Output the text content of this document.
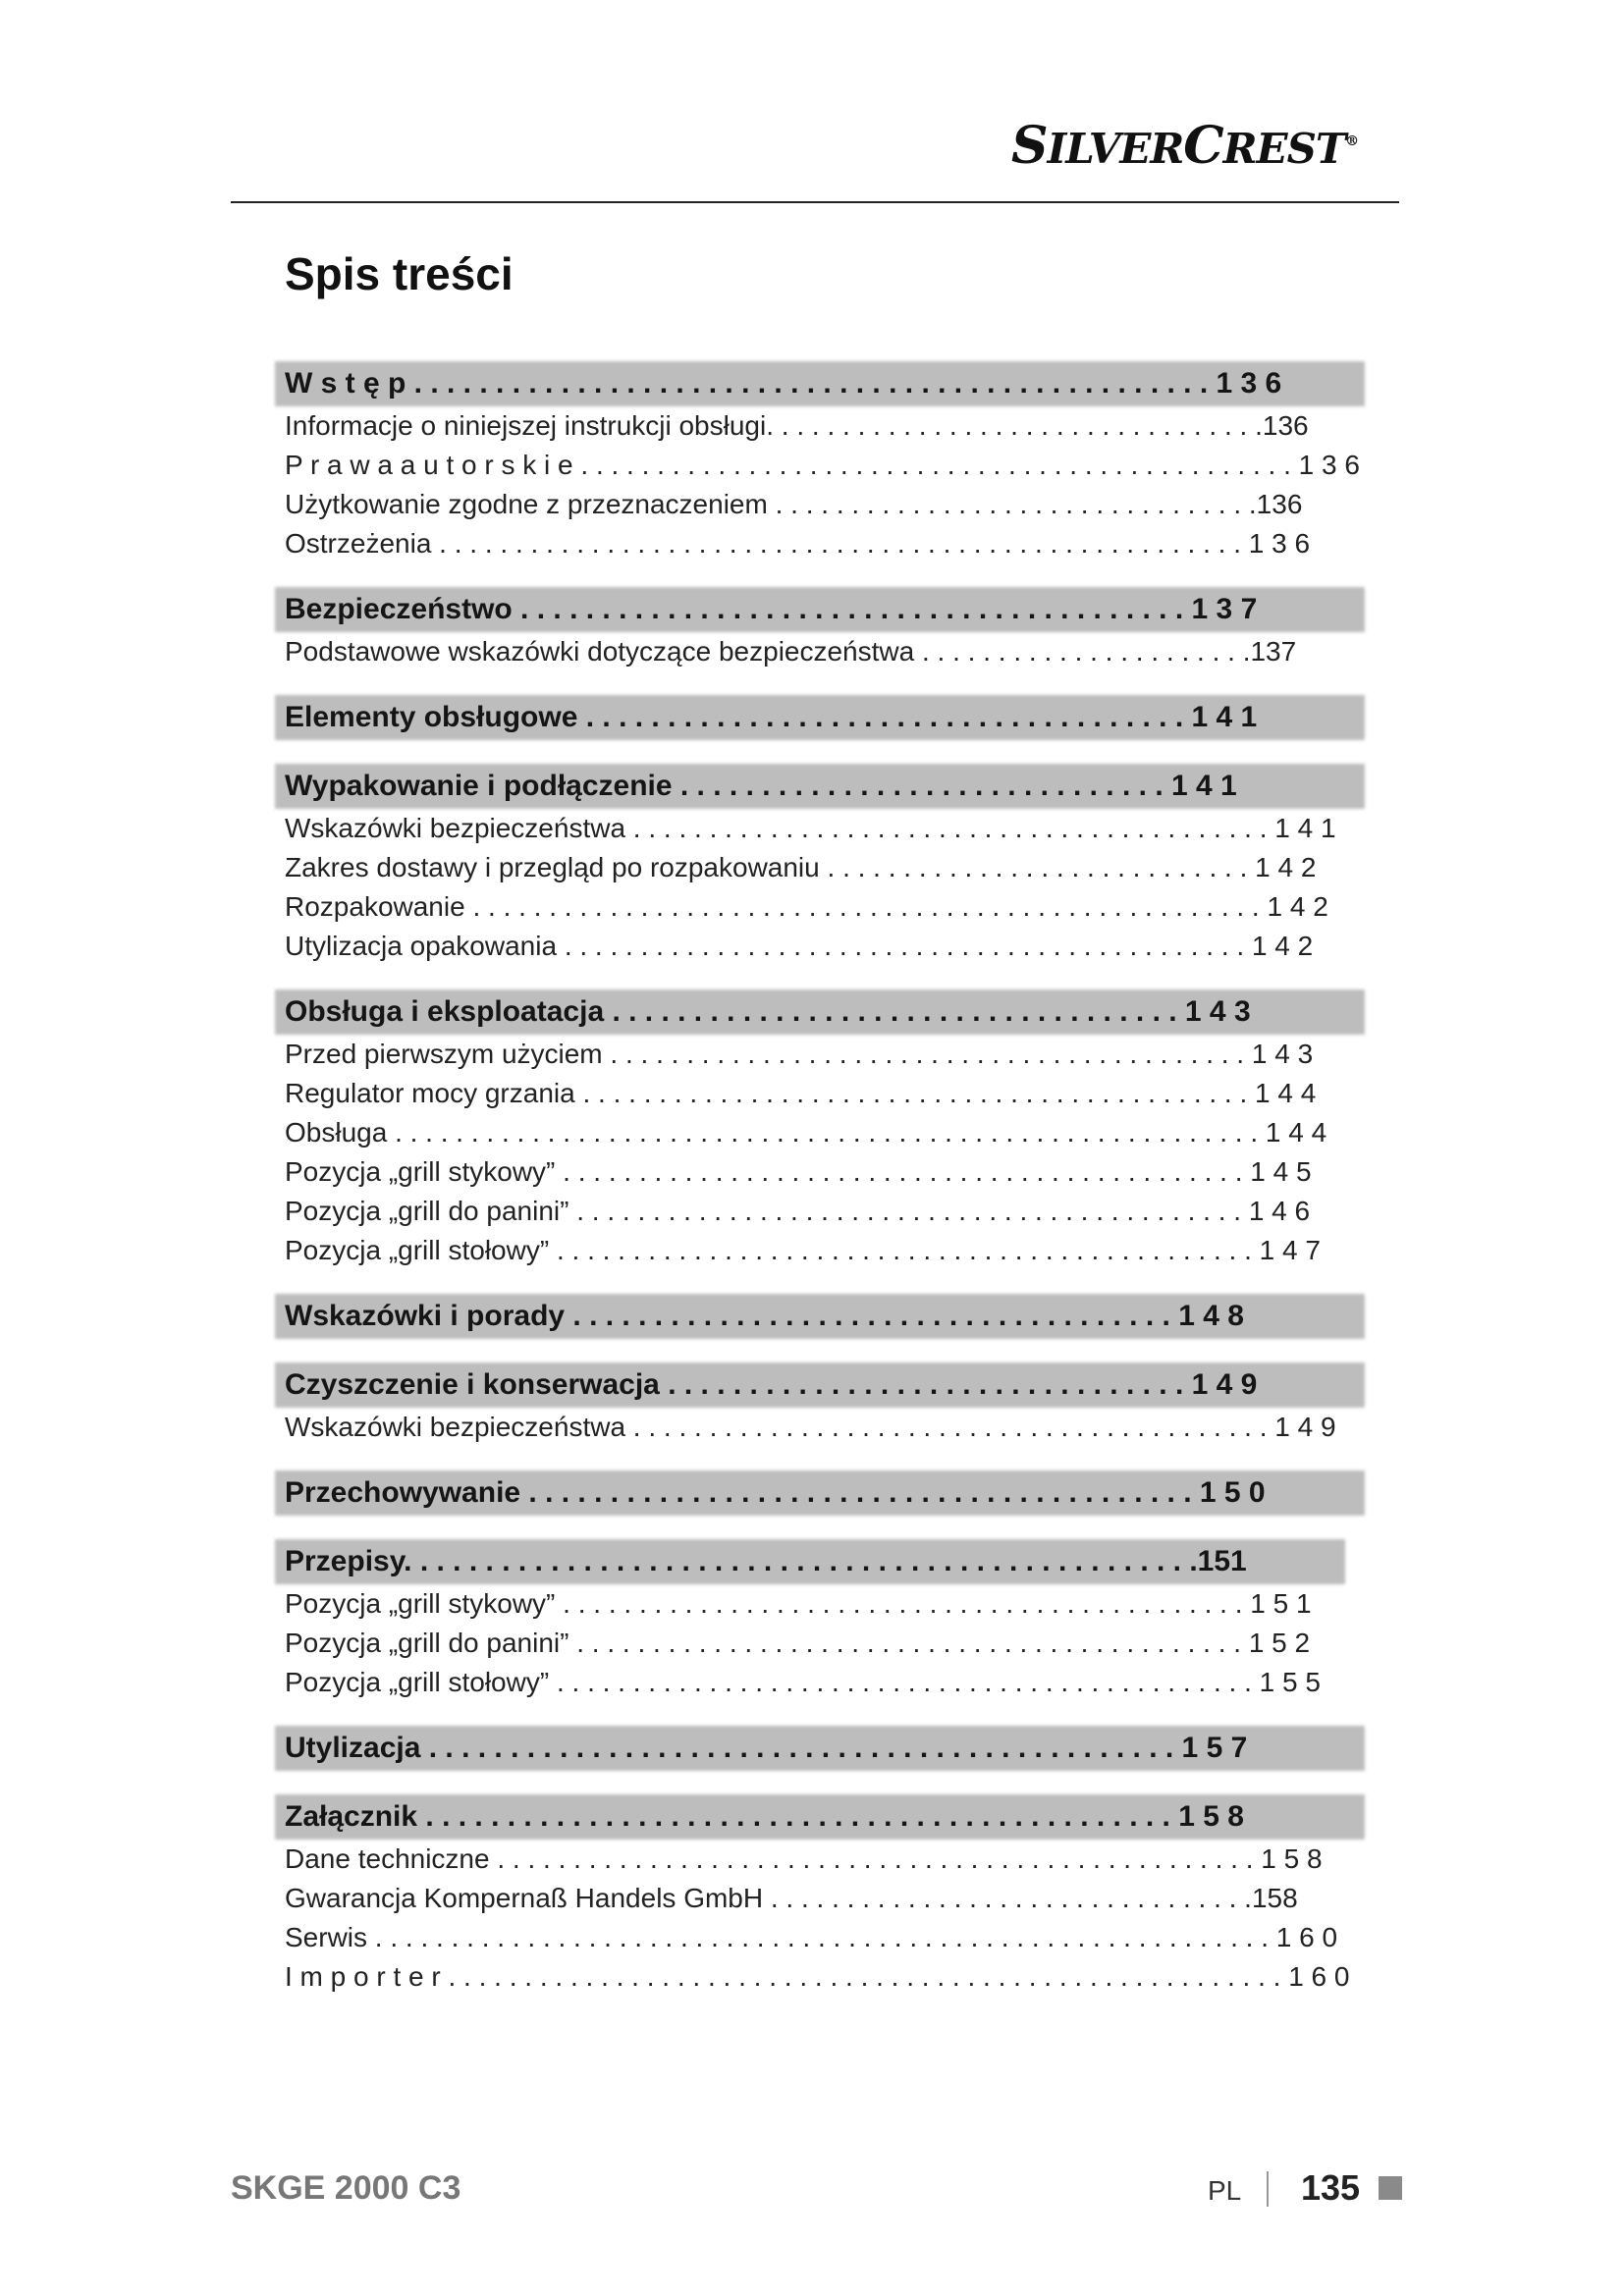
SILVERCREST®
Spis treści
W s t ę p . . . . . . . . . . . . . . . . . . . . . . . . . . . . . . . . . . . . . . . . . . . . . . . . . 1 3 6
Informacje o niniejszej instrukcji obsługi. . . . . . . . . . . . . . . . . . . . . . . . . . . . . . . . .136
P r a w a a u t o r s k i e . . . . . . . . . . . . . . . . . . . . . . . . . . . . . . . . . . . . . . . . . . . . . . . 1 3 6
Użytkowanie zgodne z przeznaczeniem . . . . . . . . . . . . . . . . . . . . . . . . . . . . . . . .136
Ostrzeżenia . . . . . . . . . . . . . . . . . . . . . . . . . . . . . . . . . . . . . . . . . . . . . . . . . . . . . 1 3 6
Bezpieczeństwo . . . . . . . . . . . . . . . . . . . . . . . . . . . . . . . . . . . . . . . . . 1 3 7
Podstawowe wskazówki dotyczące bezpieczeństwa . . . . . . . . . . . . . . . . . . . . . .137
Elementy obsługowe . . . . . . . . . . . . . . . . . . . . . . . . . . . . . . . . . . . . . 1 4 1
Wypakowanie i podłączenie . . . . . . . . . . . . . . . . . . . . . . . . . . . . . . 1 4 1
Wskazówki bezpieczeństwa . . . . . . . . . . . . . . . . . . . . . . . . . . . . . . . . . . . . . . . . . . 1 4 1
Zakres dostawy i przegląd po rozpakowaniu . . . . . . . . . . . . . . . . . . . . . . . . . . . . 1 4 2
Rozpakowanie . . . . . . . . . . . . . . . . . . . . . . . . . . . . . . . . . . . . . . . . . . . . . . . . . . . . 1 4 2
Utylizacja opakowania . . . . . . . . . . . . . . . . . . . . . . . . . . . . . . . . . . . . . . . . . . . . . 1 4 2
Obsługa i eksploatacja . . . . . . . . . . . . . . . . . . . . . . . . . . . . . . . . . . . 1 4 3
Przed pierwszym użyciem . . . . . . . . . . . . . . . . . . . . . . . . . . . . . . . . . . . . . . . . . . 1 4 3
Regulator mocy grzania . . . . . . . . . . . . . . . . . . . . . . . . . . . . . . . . . . . . . . . . . . . . 1 4 4
Obsługa . . . . . . . . . . . . . . . . . . . . . . . . . . . . . . . . . . . . . . . . . . . . . . . . . . . . . . . . . 1 4 4
Pozycja „grill stykowy” . . . . . . . . . . . . . . . . . . . . . . . . . . . . . . . . . . . . . . . . . . . . . 1 4 5
Pozycja „grill do panini” . . . . . . . . . . . . . . . . . . . . . . . . . . . . . . . . . . . . . . . . . . . . 1 4 6
Pozycja „grill stołowy” . . . . . . . . . . . . . . . . . . . . . . . . . . . . . . . . . . . . . . . . . . . . . . 1 4 7
Wskazówki i porady . . . . . . . . . . . . . . . . . . . . . . . . . . . . . . . . . . . . . 1 4 8
Czyszczenie i konserwacja . . . . . . . . . . . . . . . . . . . . . . . . . . . . . . . . 1 4 9
Wskazówki bezpieczeństwa . . . . . . . . . . . . . . . . . . . . . . . . . . . . . . . . . . . . . . . . . . 1 4 9
Przechowywanie . . . . . . . . . . . . . . . . . . . . . . . . . . . . . . . . . . . . . . . . . 1 5 0
Przepisy. . . . . . . . . . . . . . . . . . . . . . . . . . . . . . . . . . . . . . . . . . . . . . . . .151
Pozycja „grill stykowy” . . . . . . . . . . . . . . . . . . . . . . . . . . . . . . . . . . . . . . . . . . . . . 1 5 1
Pozycja „grill do panini” . . . . . . . . . . . . . . . . . . . . . . . . . . . . . . . . . . . . . . . . . . . . 1 5 2
Pozycja „grill stołowy” . . . . . . . . . . . . . . . . . . . . . . . . . . . . . . . . . . . . . . . . . . . . . . 1 5 5
Utylizacja . . . . . . . . . . . . . . . . . . . . . . . . . . . . . . . . . . . . . . . . . . . . . . 1 5 7
Załącznik . . . . . . . . . . . . . . . . . . . . . . . . . . . . . . . . . . . . . . . . . . . . . . 1 5 8
Dane techniczne . . . . . . . . . . . . . . . . . . . . . . . . . . . . . . . . . . . . . . . . . . . . . . . . . . 1 5 8
Gwarancja Kompernaß Handels GmbH . . . . . . . . . . . . . . . . . . . . . . . . . . . . . . . .158
Serwis . . . . . . . . . . . . . . . . . . . . . . . . . . . . . . . . . . . . . . . . . . . . . . . . . . . . . . . . . . . 1 6 0
I m p o r t e r . . . . . . . . . . . . . . . . . . . . . . . . . . . . . . . . . . . . . . . . . . . . . . . . . . . . . . . 1 6 0
SKGE 2000 C3	PL 135
